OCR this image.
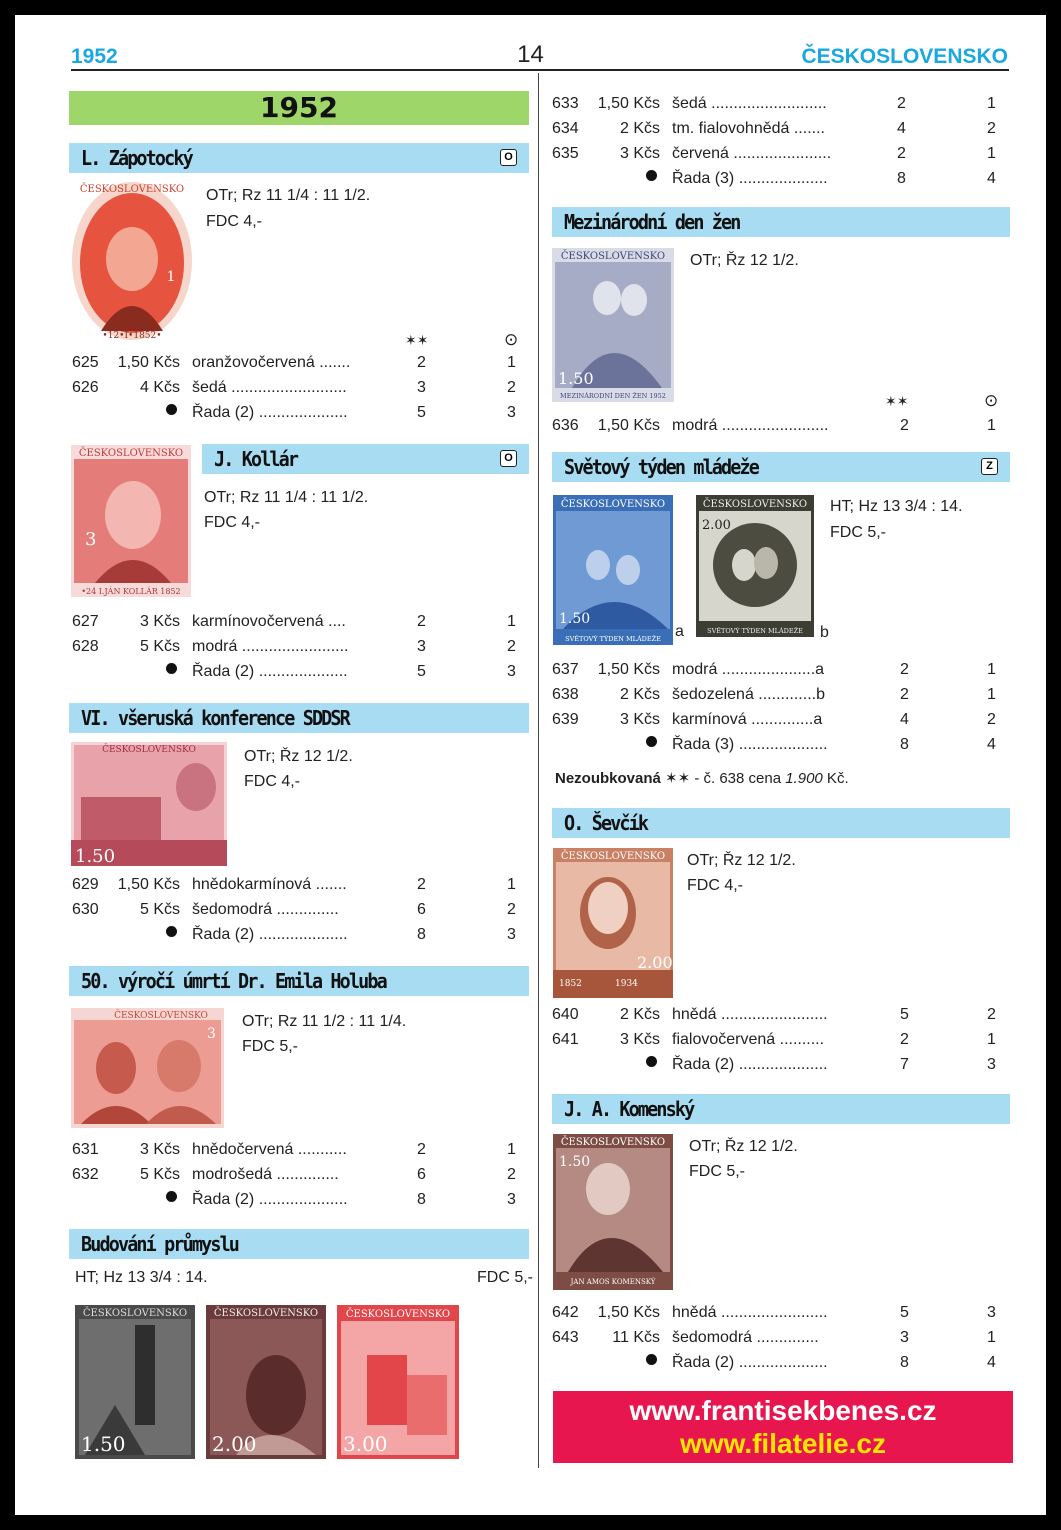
1952	14	ČESKOSLOVENSKO
1952
L. Zápotocký	O
ČESKOSLOVENSKO
•12•I•1852•
1
OTr; Rz 11 1/4 : 11 1/2.
FDC 4,-
✶✶	⊙
625 1,50 Kčs oranžovočervená .......	2	1
626	4 Kčs šedá ..........................	3	2
Řada (2) ....................	5	3
ČESKOSLOVENSKO
•24 I.JÁN KOLLÁR 1852
3
J. Kollár	O
OTr; Rz 11 1/4 : 11 1/2.
FDC 4,-
627	3 Kčs karmínovočervená ....	2	1
628	5 Kčs modrá ........................	3	2
Řada (2) ....................	5	3
VI. všeruská konference SDDSR
ČESKOSLOVENSKO
1.50
OTr; Řz 12 1/2.
FDC 4,-
629 1,50 Kčs hnědokarmínová .......	2	1
630	5 Kčs šedomodrá ..............	6	2
Řada (2) ....................	8	3
50. výročí úmrtí Dr. Emila Holuba
ČESKOSLOVENSKO
3
OTr; Rz 11 1/2 : 11 1/4.
FDC 5,-
631	3 Kčs hnědočervená ...........	2	1
632	5 Kčs modrošedá ..............	6	2
Řada (2) ....................	8	3
Budování průmyslu
HT; Hz 13 3/4 : 14.	FDC 5,-
ČESKOSLOVENSKO
1.50
ČESKOSLOVENSKO
2.00
ČESKOSLOVENSKO
3.00
633 1,50 Kčs šedá ..........................	2	1
634	2 Kčs tm. fialovohnědá .......	4	2
635	3 Kčs červená ......................	2	1
Řada (3) ....................	8	4
Mezinárodní den žen
ČESKOSLOVENSKO
MEZINÁRODNÍ DEN ŽEN 1952
1.50
OTr; Řz 12 1/2.
✶✶	⊙
636 1,50 Kčs modrá ........................	2	1
Světový týden mládeže	Z
ČESKOSLOVENSKO
SVĚTOVÝ TÝDEN MLÁDEŽE
1.50
a
ČESKOSLOVENSKO
SVĚTOVÝ TÝDEN MLÁDEŽE
2.00
b
HT; Hz 13 3/4 : 14.
FDC 5,-
637 1,50 Kčs modrá .....................a	2	1
638	2 Kčs šedozelená .............b	2	1
639	3 Kčs karmínová ..............a	4	2
Řada (3) ....................	8	4
Nezoubkovaná ✶✶ - č. 638 cena 1.900 Kč.
O. Ševčík
ČESKOSLOVENSKO
1852	1934
2.00
OTr; Řz 12 1/2.
FDC 4,-
640	2 Kčs hnědá ........................	5	2
641	3 Kčs fialovočervená ..........	2	1
Řada (2) ....................	7	3
J. A. Komenský
ČESKOSLOVENSKO
JAN AMOS KOMENSKÝ
1.50
OTr; Řz 12 1/2.
FDC 5,-
642 1,50 Kčs hnědá ........................	5	3
643 11 Kčs šedomodrá ..............	3	1
Řada (2) ....................	8	4
www.frantisekbenes.cz
www.filatelie.cz
